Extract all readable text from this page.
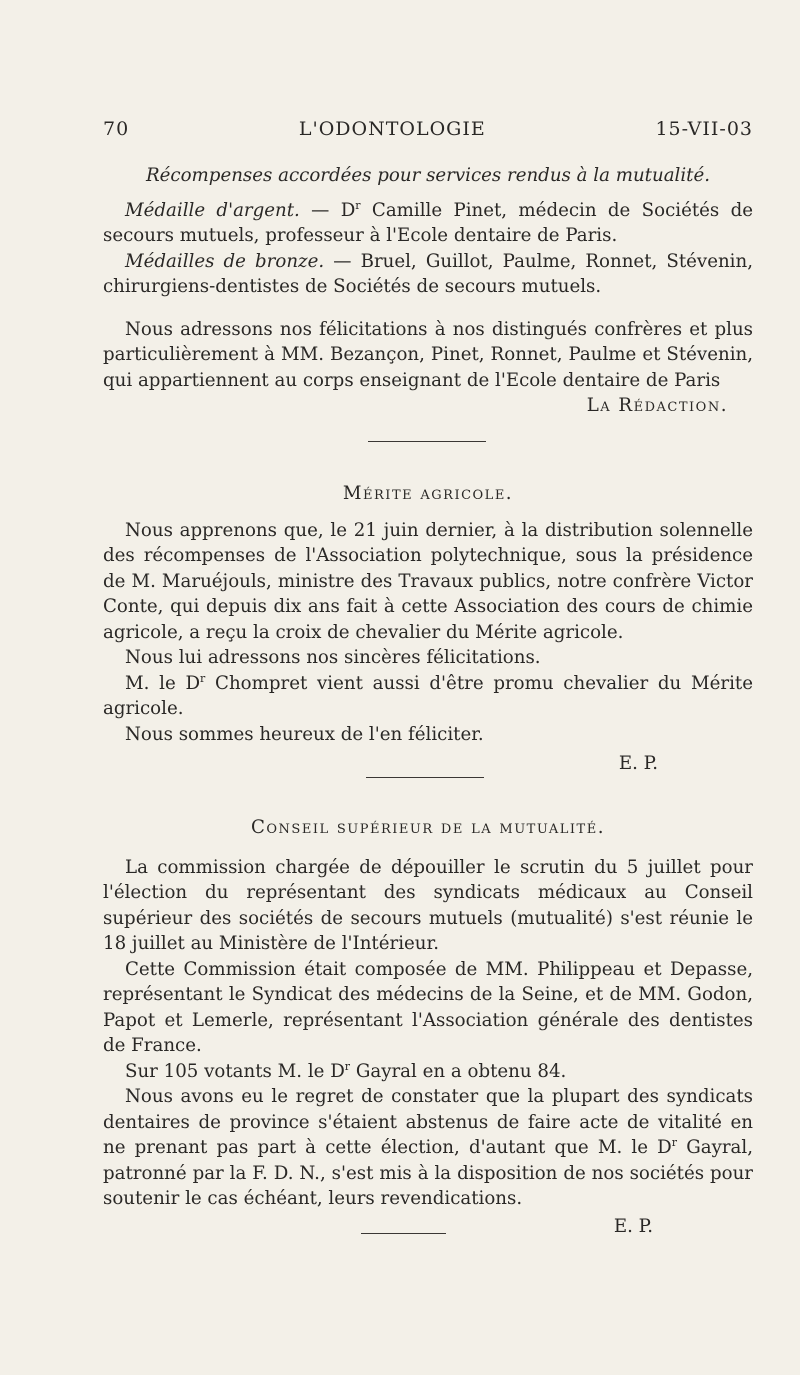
70	L'ODONTOLOGIE	15-VII-03

Récompenses accordées pour services rendus à la mutualité.

Médaille d'argent. — $D^r$ Camille Pinet, médecin de Sociétés de secours mutuels, professeur à l'Ecole dentaire de Paris.

Médailles de bronze. — Bruel, Guillot, Paulme, Ronnet, Stévenin, chirurgiens-dentistes de Sociétés de secours mutuels.

Nous adressons nos félicitations à nos distingués confrères et plus particulièrement à MM. Bezançon, Pinet, Ronnet, Paulme et Stévenin, qui appartiennent au corps enseignant de l'Ecole dentaire de Paris

La Rédaction.

Mérite agricole.

Nous apprenons que, le 21 juin dernier, à la distribution solennelle des récompenses de l'Association polytechnique, sous la présidence de M. Maruéjouls, ministre des Travaux publics, notre confrère Victor Conte, qui depuis dix ans fait à cette Association des cours de chimie agricole, a reçu la croix de chevalier du Mérite agricole.

Nous lui adressons nos sincères félicitations.

M. le $D^r$ Chompret vient aussi d'être promu chevalier du Mérite agricole.

Nous sommes heureux de l'en féliciter.

E. P.

Conseil supérieur de la mutualité.

La commission chargée de dépouiller le scrutin du 5 juillet pour l'élection du représentant des syndicats médicaux au Conseil supérieur des sociétés de secours mutuels (mutualité) s'est réunie le 18 juillet au Ministère de l'Intérieur.

Cette Commission était composée de MM. Philippeau et Depasse, représentant le Syndicat des médecins de la Seine, et de MM. Godon, Papot et Lemerle, représentant l'Association générale des dentistes de France.

Sur 105 votants M. le $D^r$ Gayral en a obtenu 84.

Nous avons eu le regret de constater que la plupart des syndicats dentaires de province s'étaient abstenus de faire acte de vitalité en ne prenant pas part à cette élection, d'autant que M. le $D^r$ Gayral, patronné par la F. D. N., s'est mis à la disposition de nos sociétés pour soutenir le cas échéant, leurs revendications.

E. P.
